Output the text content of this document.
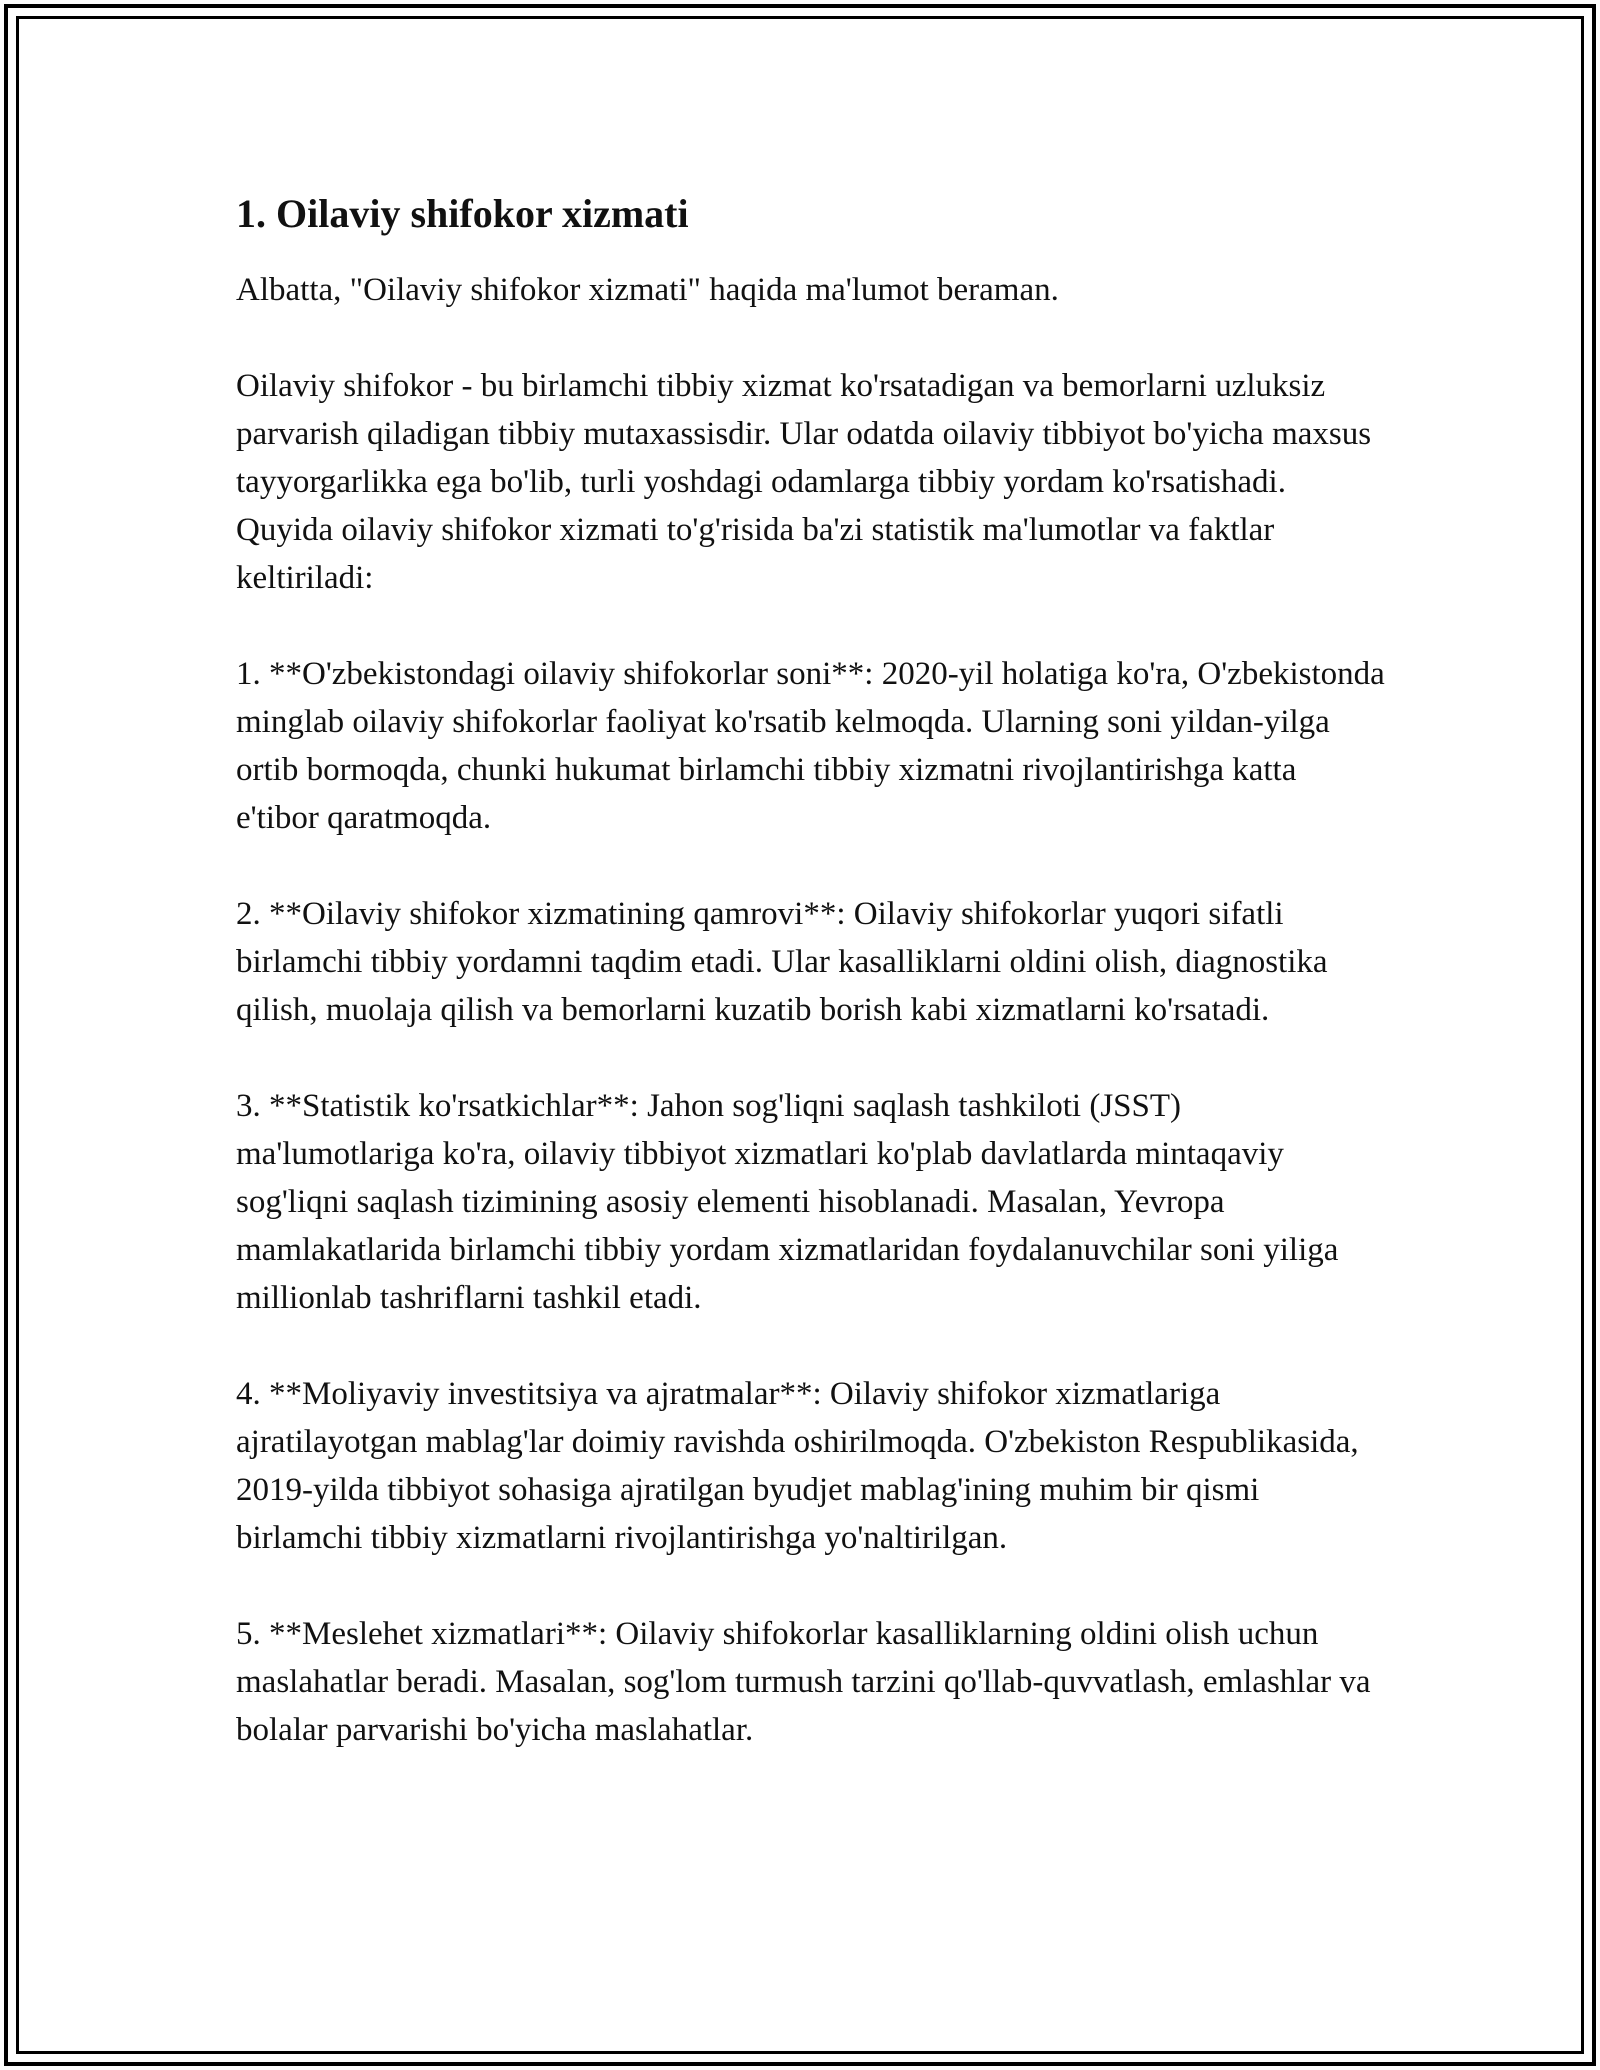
1. Oilaviy shifokor xizmati

Albatta, "Oilaviy shifokor xizmati" haqida ma'lumot beraman.

Oilaviy shifokor - bu birlamchi tibbiy xizmat ko'rsatadigan va bemorlarni uzluksiz parvarish qiladigan tibbiy mutaxassisdir. Ular odatda oilaviy tibbiyot bo'yicha maxsus tayyorgarlikka ega bo'lib, turli yoshdagi odamlarga tibbiy yordam ko'rsatishadi. Quyida oilaviy shifokor xizmati to'g'risida ba'zi statistik ma'lumotlar va faktlar keltiriladi:

1. **O'zbekistondagi oilaviy shifokorlar soni**: 2020-yil holatiga ko'ra, O'zbekistonda minglab oilaviy shifokorlar faoliyat ko'rsatib kelmoqda. Ularning soni yildan-yilga ortib bormoqda, chunki hukumat birlamchi tibbiy xizmatni rivojlantirishga katta e'tibor qaratmoqda.

2. **Oilaviy shifokor xizmatining qamrovi**: Oilaviy shifokorlar yuqori sifatli birlamchi tibbiy yordamni taqdim etadi. Ular kasalliklarni oldini olish, diagnostika qilish, muolaja qilish va bemorlarni kuzatib borish kabi xizmatlarni ko'rsatadi.

3. **Statistik ko'rsatkichlar**: Jahon sog'liqni saqlash tashkiloti (JSST) ma'lumotlariga ko'ra, oilaviy tibbiyot xizmatlari ko'plab davlatlarda mintaqaviy sog'liqni saqlash tizimining asosiy elementi hisoblanadi. Masalan, Yevropa mamlakatlarida birlamchi tibbiy yordam xizmatlaridan foydalanuvchilar soni yiliga millionlab tashriflarni tashkil etadi.

4. **Moliyaviy investitsiya va ajratmalar**: Oilaviy shifokor xizmatlariga ajratilayotgan mablag'lar doimiy ravishda oshirilmoqda. O'zbekiston Respublikasida, 2019-yilda tibbiyot sohasiga ajratilgan byudjet mablag'ining muhim bir qismi birlamchi tibbiy xizmatlarni rivojlantirishga yo'naltirilgan.

5. **Meslehet xizmatlari**: Oilaviy shifokorlar kasalliklarning oldini olish uchun maslahatlar beradi. Masalan, sog'lom turmush tarzini qo'llab-quvvatlash, emlashlar va bolalar parvarishi bo'yicha maslahatlar.
